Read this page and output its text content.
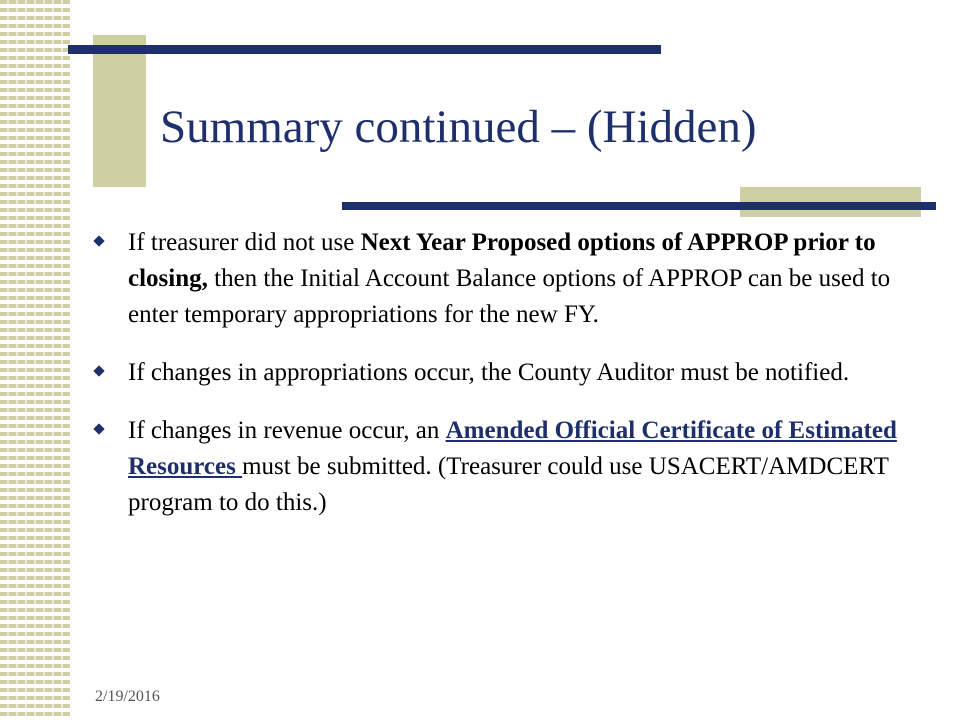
Summary continued – (Hidden)
If treasurer did not use Next Year Proposed options of APPROP prior to closing, then the Initial Account Balance options of APPROP can be used to enter temporary appropriations for the new FY.
If changes in appropriations occur, the County Auditor must be notified.
If changes in revenue occur, an Amended Official Certificate of Estimated Resources must be submitted. (Treasurer could use USACERT/AMDCERT program to do this.)
2/19/2016
